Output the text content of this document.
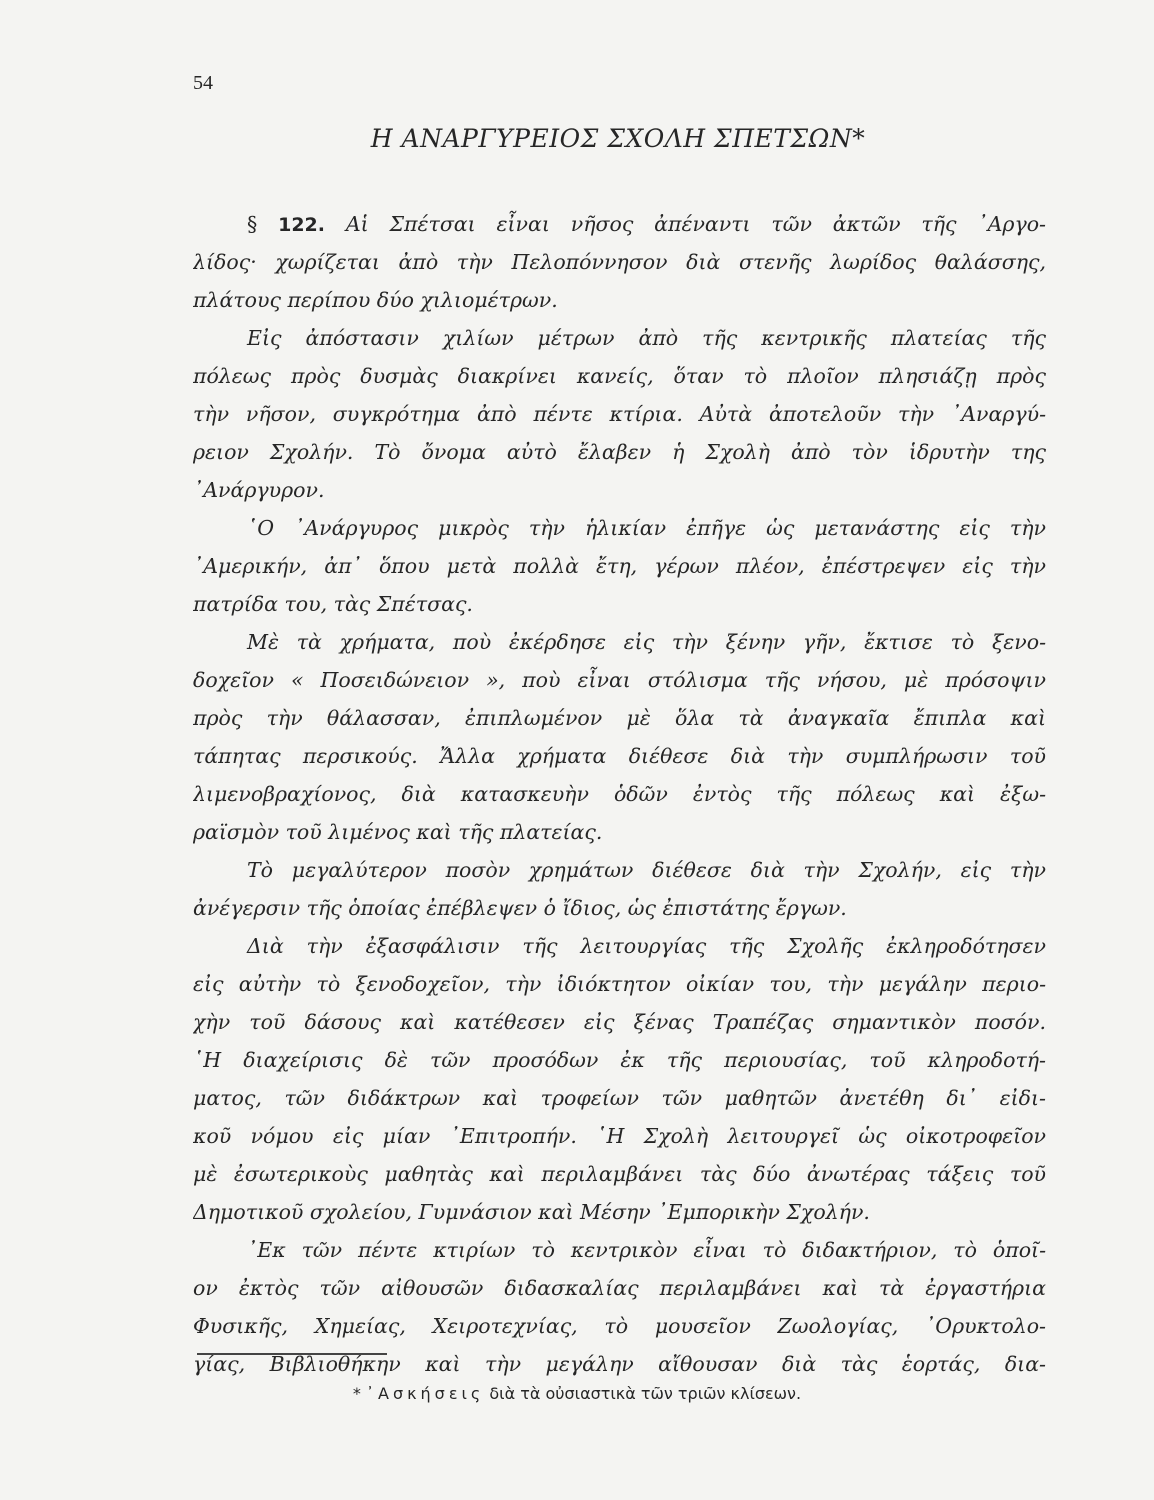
54
Η ΑΝΑΡΓΥΡΕΙΟΣ ΣΧΟΛΗ ΣΠΕΤΣΩΝ*
§ 122. Αἱ Σπέτσαι εἶναι νῆσος ἀπέναντι τῶν ἀκτῶν τῆς ᾽Αργο-
λίδος· χωρίζεται ἀπὸ τὴν Πελοπόννησον διὰ στενῆς λωρίδος θαλάσσης,
πλάτους περίπου δύο χιλιομέτρων.
Εἰς ἀπόστασιν χιλίων μέτρων ἀπὸ τῆς κεντρικῆς πλατείας τῆς
πόλεως πρὸς δυσμὰς διακρίνει κανείς, ὅταν τὸ πλοῖον πλησιάζῃ πρὸς
τὴν νῆσον, συγκρότημα ἀπὸ πέντε κτίρια. Αὐτὰ ἀποτελοῦν τὴν ᾽Αναργύ-
ρειον Σχολήν. Τὸ ὄνομα αὐτὸ ἔλαβεν ἡ Σχολὴ ἀπὸ τὸν ἱδρυτὴν της
᾽Ανάργυρον.
῾Ο ᾽Ανάργυρος μικρὸς τὴν ἡλικίαν ἐπῆγε ὡς μετανάστης εἰς τὴν
᾽Αμερικήν, ἀπ᾽ ὅπου μετὰ πολλὰ ἔτη, γέρων πλέον, ἐπέστρεψεν εἰς τὴν
πατρίδα του, τὰς Σπέτσας.
Μὲ τὰ χρήματα, ποὺ ἐκέρδησε εἰς τὴν ξένην γῆν, ἔκτισε τὸ ξενο-
δοχεῖον « Ποσειδώνειον », ποὺ εἶναι στόλισμα τῆς νήσου, μὲ πρόσοψιν
πρὸς τὴν θάλασσαν, ἐπιπλωμένον μὲ ὅλα τὰ ἀναγκαῖα ἔπιπλα καὶ
τάπητας περσικούς. Ἄλλα χρήματα διέθεσε διὰ τὴν συμπλήρωσιν τοῦ
λιμενοβραχίονος, διὰ κατασκευὴν ὁδῶν ἐντὸς τῆς πόλεως καὶ ἐξω-
ραϊσμὸν τοῦ λιμένος καὶ τῆς πλατείας.
Τὸ μεγαλύτερον ποσὸν χρημάτων διέθεσε διὰ τὴν Σχολήν, εἰς τὴν
ἀνέγερσιν τῆς ὁποίας ἐπέβλεψεν ὁ ἴδιος, ὡς ἐπιστάτης ἔργων.
Διὰ τὴν ἐξασφάλισιν τῆς λειτουργίας τῆς Σχολῆς ἐκληροδότησεν
εἰς αὐτὴν τὸ ξενοδοχεῖον, τὴν ἰδιόκτητον οἰκίαν του, τὴν μεγάλην περιο-
χὴν τοῦ δάσους καὶ κατέθεσεν εἰς ξένας Τραπέζας σημαντικὸν ποσόν.
῾Η διαχείρισις δὲ τῶν προσόδων ἐκ τῆς περιουσίας, τοῦ κληροδοτή-
ματος, τῶν διδάκτρων καὶ τροφείων τῶν μαθητῶν ἀνετέθη δι᾽ εἰδι-
κοῦ νόμου εἰς μίαν ᾽Επιτροπήν. ῾Η Σχολὴ λειτουργεῖ ὡς οἰκοτροφεῖον
μὲ ἐσωτερικοὺς μαθητὰς καὶ περιλαμβάνει τὰς δύο ἀνωτέρας τάξεις τοῦ
Δημοτικοῦ σχολείου, Γυμνάσιον καὶ Μέσην ᾽Εμπορικὴν Σχολήν.
᾽Εκ τῶν πέντε κτιρίων τὸ κεντρικὸν εἶναι τὸ διδακτήριον, τὸ ὁποῖ-
ον ἐκτὸς τῶν αἰθουσῶν διδασκαλίας περιλαμβάνει καὶ τὰ ἐργαστήρια
Φυσικῆς, Χημείας, Χειροτεχνίας, τὸ μουσεῖον Ζωολογίας, ᾽Ορυκτολο-
γίας, Βιβλιοθήκην καὶ τὴν μεγάλην αἴθουσαν διὰ τὰς ἑορτάς, δια-
* ᾽Ασκήσεις διὰ τὰ οὐσιαστικὰ τῶν τριῶν κλίσεων.
